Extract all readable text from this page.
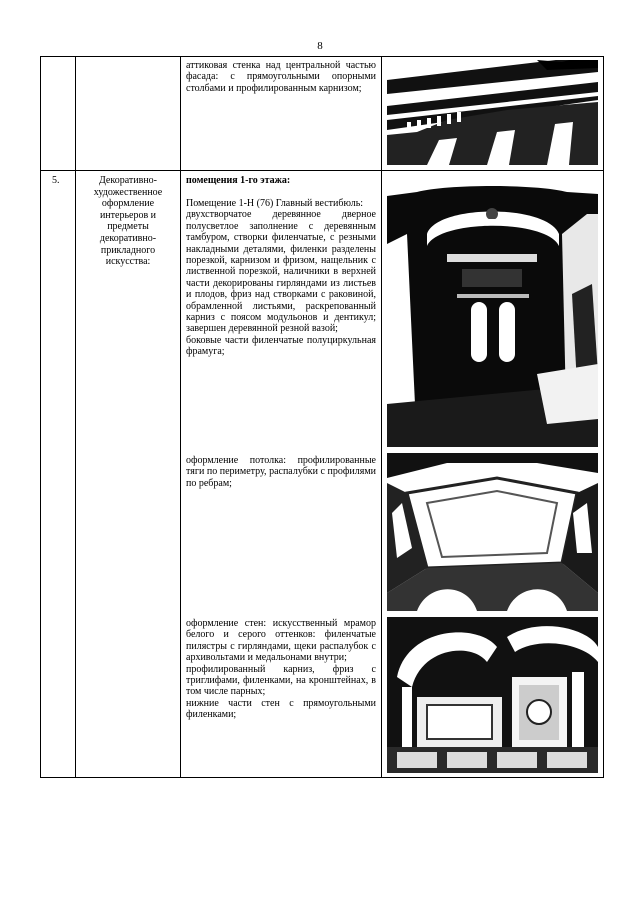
8
аттиковая стенка над центральной частью фасада: с прямоугольными опорными столбами и профилированным карнизом;
5.	Декоративно-художественное оформление интерьеров и предметы декоративно-прикладного искусства:
помещения 1-го этажа:

Помещение 1-Н (76) Главный вестибюль:

двухстворчатое деревянное дверное полусветлое заполнение с деревянным тамбуром, створки филенчатые, с резными накладными деталями, филенки разделены порезкой, карнизом и фризом, нащельник с лиственной порезкой, наличники в верхней части декорированы гирляндами из листьев и плодов, фриз над створками с раковиной, обрамленной листьями, раскрепованный карниз с поясом модульонов и дентикул; завершен деревянной резной вазой;

боковые части филенчатые полуциркульная фрамуга;

оформление потолка: профилированные тяги по периметру, распалубки с профилями по ребрам;

оформление стен: искусственный мрамор белого и серого оттенков: филенчатые пилястры с гирляндами, щеки распалубок с архивольтами и медальонами внутри;

профилированный карниз, фриз с триглифами, филенками, на кронштейнах, в том числе парных;

нижние части стен с прямоугольными филенками;
